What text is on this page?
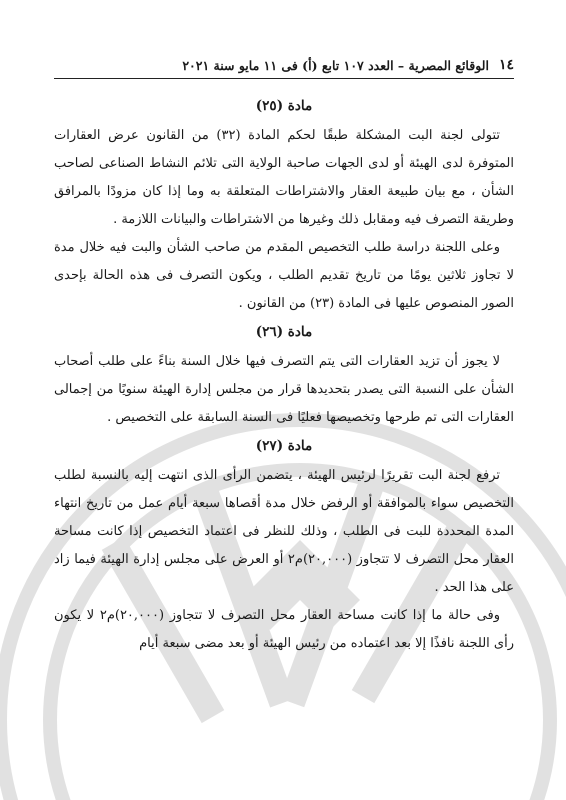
١٤
الوقائع المصرية – العدد ١٠٧ تابع (أ) فى ١١ مايو سنة ٢٠٢١
مادة (٢٥)

تتولى لجنة البت المشكلة طبقًا لحكم المادة (٣٢) من القانون عرض العقارات المتوفرة لدى الهيئة أو لدى الجهات صاحبة الولاية التى تلائم النشاط الصناعى لصاحب الشأن ، مع بيان طبيعة العقار والاشتراطات المتعلقة به وما إذا كان مزودًا بالمرافق وطريقة التصرف فيه ومقابل ذلك وغيرها من الاشتراطات والبيانات اللازمة .

وعلى اللجنة دراسة طلب التخصيص المقدم من صاحب الشأن والبت فيه خلال مدة لا تجاوز ثلاثين يومًا من تاريخ تقديم الطلب ، ويكون التصرف فى هذه الحالة بإحدى الصور المنصوص عليها فى المادة (٢٣) من القانون .

مادة (٢٦)

لا يجوز أن تزيد العقارات التى يتم التصرف فيها خلال السنة بناءً على طلب أصحاب الشأن على النسبة التى يصدر بتحديدها قرار من مجلس إدارة الهيئة سنويًا من إجمالى العقارات التى تم طرحها وتخصيصها فعليًا فى السنة السابقة على التخصيص .

مادة (٢٧)

ترفع لجنة البت تقريرًا لرئيس الهيئة ، يتضمن الرأى الذى انتهت إليه بالنسبة لطلب التخصيص سواء بالموافقة أو الرفض خلال مدة أقصاها سبعة أيام عمل من تاريخ انتهاء المدة المحددة للبت فى الطلب ، وذلك للنظر فى اعتماد التخصيص إذا كانت مساحة العقار محل التصرف لا تتجاوز (٢٠,٠٠٠)م٢ أو العرض على مجلس إدارة الهيئة فيما زاد على هذا الحد .

وفى حالة ما إذا كانت مساحة العقار محل التصرف لا تتجاوز (٢٠,٠٠٠)م٢ لا يكون رأى اللجنة نافذًا إلا بعد اعتماده من رئيس الهيئة أو بعد مضى سبعة أيام
